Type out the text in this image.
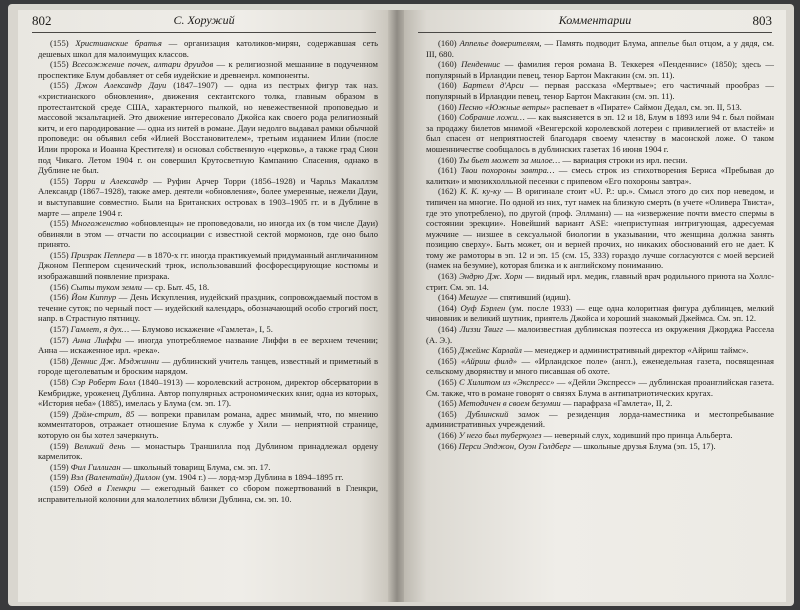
802	С. Хоружий

(155) Христианские братья — организация католиков-мирян, содержавшая сеть дешевых школ для малоимущих классов.

(155) Всесожжение почек, алтари друидов — к религиозной мешанине в подученном проспектике Блум добавляет от себя иудейские и древнеирл. компоненты.

(155) Джон Александр Дауи (1847–1907) — одна из пестрых фигур так наз. «христианского обновления», движения сектантского толка, главным образом в протестантской среде США, характерного пылкой, но невежественной проповедью и массовой экзальтацией. Это движение интересовало Джойса как своего рода религиозный китч, и его пародирование — одна из нитей в романе. Дауи недолго выдавал рамки обычной проповеди: он объявил себя «Илией Восстановителем», третьим изданием Илии (после Илии пророка и Иоанна Крестителя) и основал собственную «церковь», а также град Сион под Чикаго. Летом 1904 г. он совершил Крутосветную Кампанию Спасения, однако в Дублине не был.

(155) Торри и Александр — Руфин Арчер Торри (1856–1928) и Чарльз Макаллэм Александр (1867–1928), также амер. деятели «обновления», более умеренные, нежели Дауи, и выступавшие совместно. Были на Британских островах в 1903–1905 гг. и в Дублине в марте — апреле 1904 г.

(155) Многоженство «обновленцы» не проповедовали, но иногда их (в том числе Дауи) обвиняли в этом — отчасти по ассоциации с известной сектой мормонов, где оно было принято.

(155) Призрак Пеппера — в 1870-х гг. иногда практикуемый придуманный англичанином Джоном Пеппером сценический трюк, использовавший фосфоресцирующие костюмы и изображавший появление призрака.

(156) Сыты туком земли — ср. Быт. 45, 18.

(156) Йом Киппур — День Искупления, иудейский праздник, сопровождаемый постом в течение суток; по черный пост — иудейский календарь, обозначающий особо строгий пост, напр. в Страстную пятницу.

(157) Гамлет, я дух… — Блумово искажение «Гамлета», I, 5.

(157) Анна Лиффи — иногда употребляемое название Лиффи в ее верхнем течении; Анна — искаженное ирл. «река».

(158) Деннис Дж. Мэджинни — дублинский учитель танцев, известный и приметный в городе щеголеватым и броским нарядом.

(158) Сэр Роберт Болл (1840–1913) — королевский астроном, директор обсерватории в Кембридже, уроженец Дублина. Автор популярных астрономических книг, одна из которых, «История неба» (1885), имелась у Блума (см. эп. 17).

(159) Дэйм-стрит, 85 — вопреки правилам романа, адрес мнимый, что, по мнению комментаторов, отражает отношение Блума к службе у Хили — неприятной странице, которую он бы хотел зачеркнуть.

(159) Великий день — монастырь Траншилла под Дублином принадлежал ордену кармелиток.

(159) Фил Гиллиган — школьный товарищ Блума, см. эп. 17.

(159) Вэл (Валентайн) Диллон (ум. 1904 г.) — лорд-мэр Дублина в 1894–1895 гг.

(159) Обед в Гленкри — ежегодный банкет со сбором пожертвований в Гленкри, исправительной колонии для малолетних вблизи Дублина, см. эп. 10.

Комментарии	803

(160) Аппелье доверителям, — Память подводит Блума, аппелье был отцом, а у дядя, см. III, 680.

(160) Пенденнис — фамилия героя романа В. Теккерея «Пенденнис» (1850); здесь — популярный в Ирландии певец, тенор Бартон Макгакин (см. эп. 11).

(160) Бартелл д'Арси — первая рассказа «Мертвые»; его частичный прообраз — популярный в Ирландии певец, тенор Бартон Макгакин (см. эп. 11).

(160) Песню «Южные ветры» распевает в «Пирате» Саймон Дедал, см. эп. II, 513.

(160) Собрание ложи… — как выясняется в эп. 12 и 18, Блум в 1893 или 94 г. был пойман за продажу билетов мнимой «Венгерской королевской лотереи с привилегией от властей» и был спасен от неприятностей благодаря своему членству в масонской ложе. О таком мошенничестве сообщалось в дублинских газетах 16 июня 1904 г.

(160) Ты бьет может за милое… — вариация строки из ирл. песни.

(161) Твои похороны завтра… — смесь строк из стихотворения Бернса «Пребывая до калитки» и мюзикхолльной песенки с припевом «Его похороны завтра».

(162) К. К. ку-ку — В оригинале стоит «U. P.: up.». Смысл этого до сих пор неведом, и типичен на многие. По одной из них, тут намек на близкую смерть (в учете «Оливера Твиста», где это употреблено), по другой (проф. Эллманн) — на «извержение почти вместо спермы в состоянии эрекции». Новейший вариант ASE: «неприступная интригующая, адресуемая мужчине — низшее в сексуальной биологии в указывании, что женщина должна занять позицию сверху». Быть может, он и верней прочих, но никаких обоснований его не дает. К тому же рамоторы в эп. 12 и эп. 15 (см. 15, 333) гораздо лучше согласуются с моей версией (намек на безумие), которая близка и к английскому пониманию.

(163) Эндрю Дж. Хорн — видный ирл. медик, главный врач родильного приюта на Холлс-стрит. См. эп. 14.

(164) Мешуге — спятивший (идиш).

(164) Оуф Бэрлен (ум. после 1933) — еще одна колоритная фигура дублинцев, мелкий чиновник и великий шутник, приятель Джойса и хороший знакомый Джеймса. См. эп. 12.

(164) Лиззи Твигг — малоизвестная дублинская поэтесса из окружения Джорджа Рассела (А. Э.).

(165) Джеймс Карлайл — менеджер и административный директор «Айриш таймс».

(165) «Айриш филд» — «Ирландское поле» (англ.), еженедельная газета, посвященная сельскому дворянству и много писавшая об охоте.

(165) С Хилитом из «Экспресс» — «Дейли Экспресс» — дублинская проанглийская газета. См. также, что в романе говорят о связях Блума в антипатриотических кругах.

(165) Методичен в своем безумии — парафраза «Гамлета», II, 2.

(165) Дублинский замок — резиденция лорда-наместника и местопребывание административных учреждений.

(166) У него был туберкулез — неверный слух, ходивший про принца Альберта.

(166) Перси Эпджон, Оуэн Голдберг — школьные друзья Блума (эп. 15, 17).
